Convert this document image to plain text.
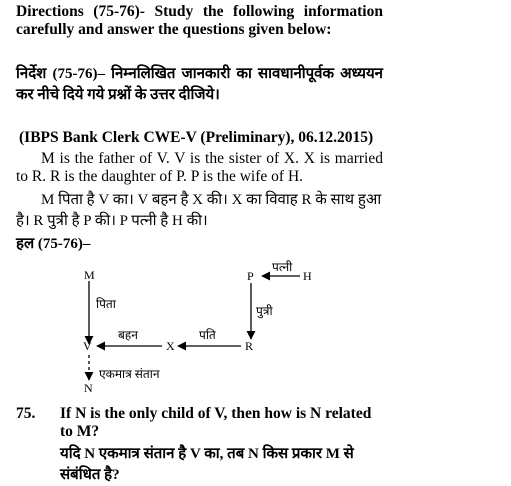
Directions (75-76)- Study the following information carefully and answer the questions given below:
निर्देश (75-76)– निम्नलिखित जानकारी का सावधानीपूर्वक अध्ययन कर नीचे दिये गये प्रश्नों के उत्तर दीजिये।
(IBPS Bank Clerk CWE-V (Preliminary), 06.12.2015)
M is the father of V. V is the sister of X. X is married to R. R is the daughter of P. P is the wife of H.
M पिता है V का। V बहन है X की। X का विवाह R के साथ हुआ है। R पुत्री है P की। P पत्नी है H की।
हल (75-76)–
M
V	X	R
P	H
N
पिता
बहन	पति
पुत्री
पत्नी
एकमात्र संतान
75. If N is the only child of V, then how is N related to M?
यदि N एकमात्र संतान है V का, तब N किस प्रकार M से संबंधित है?
